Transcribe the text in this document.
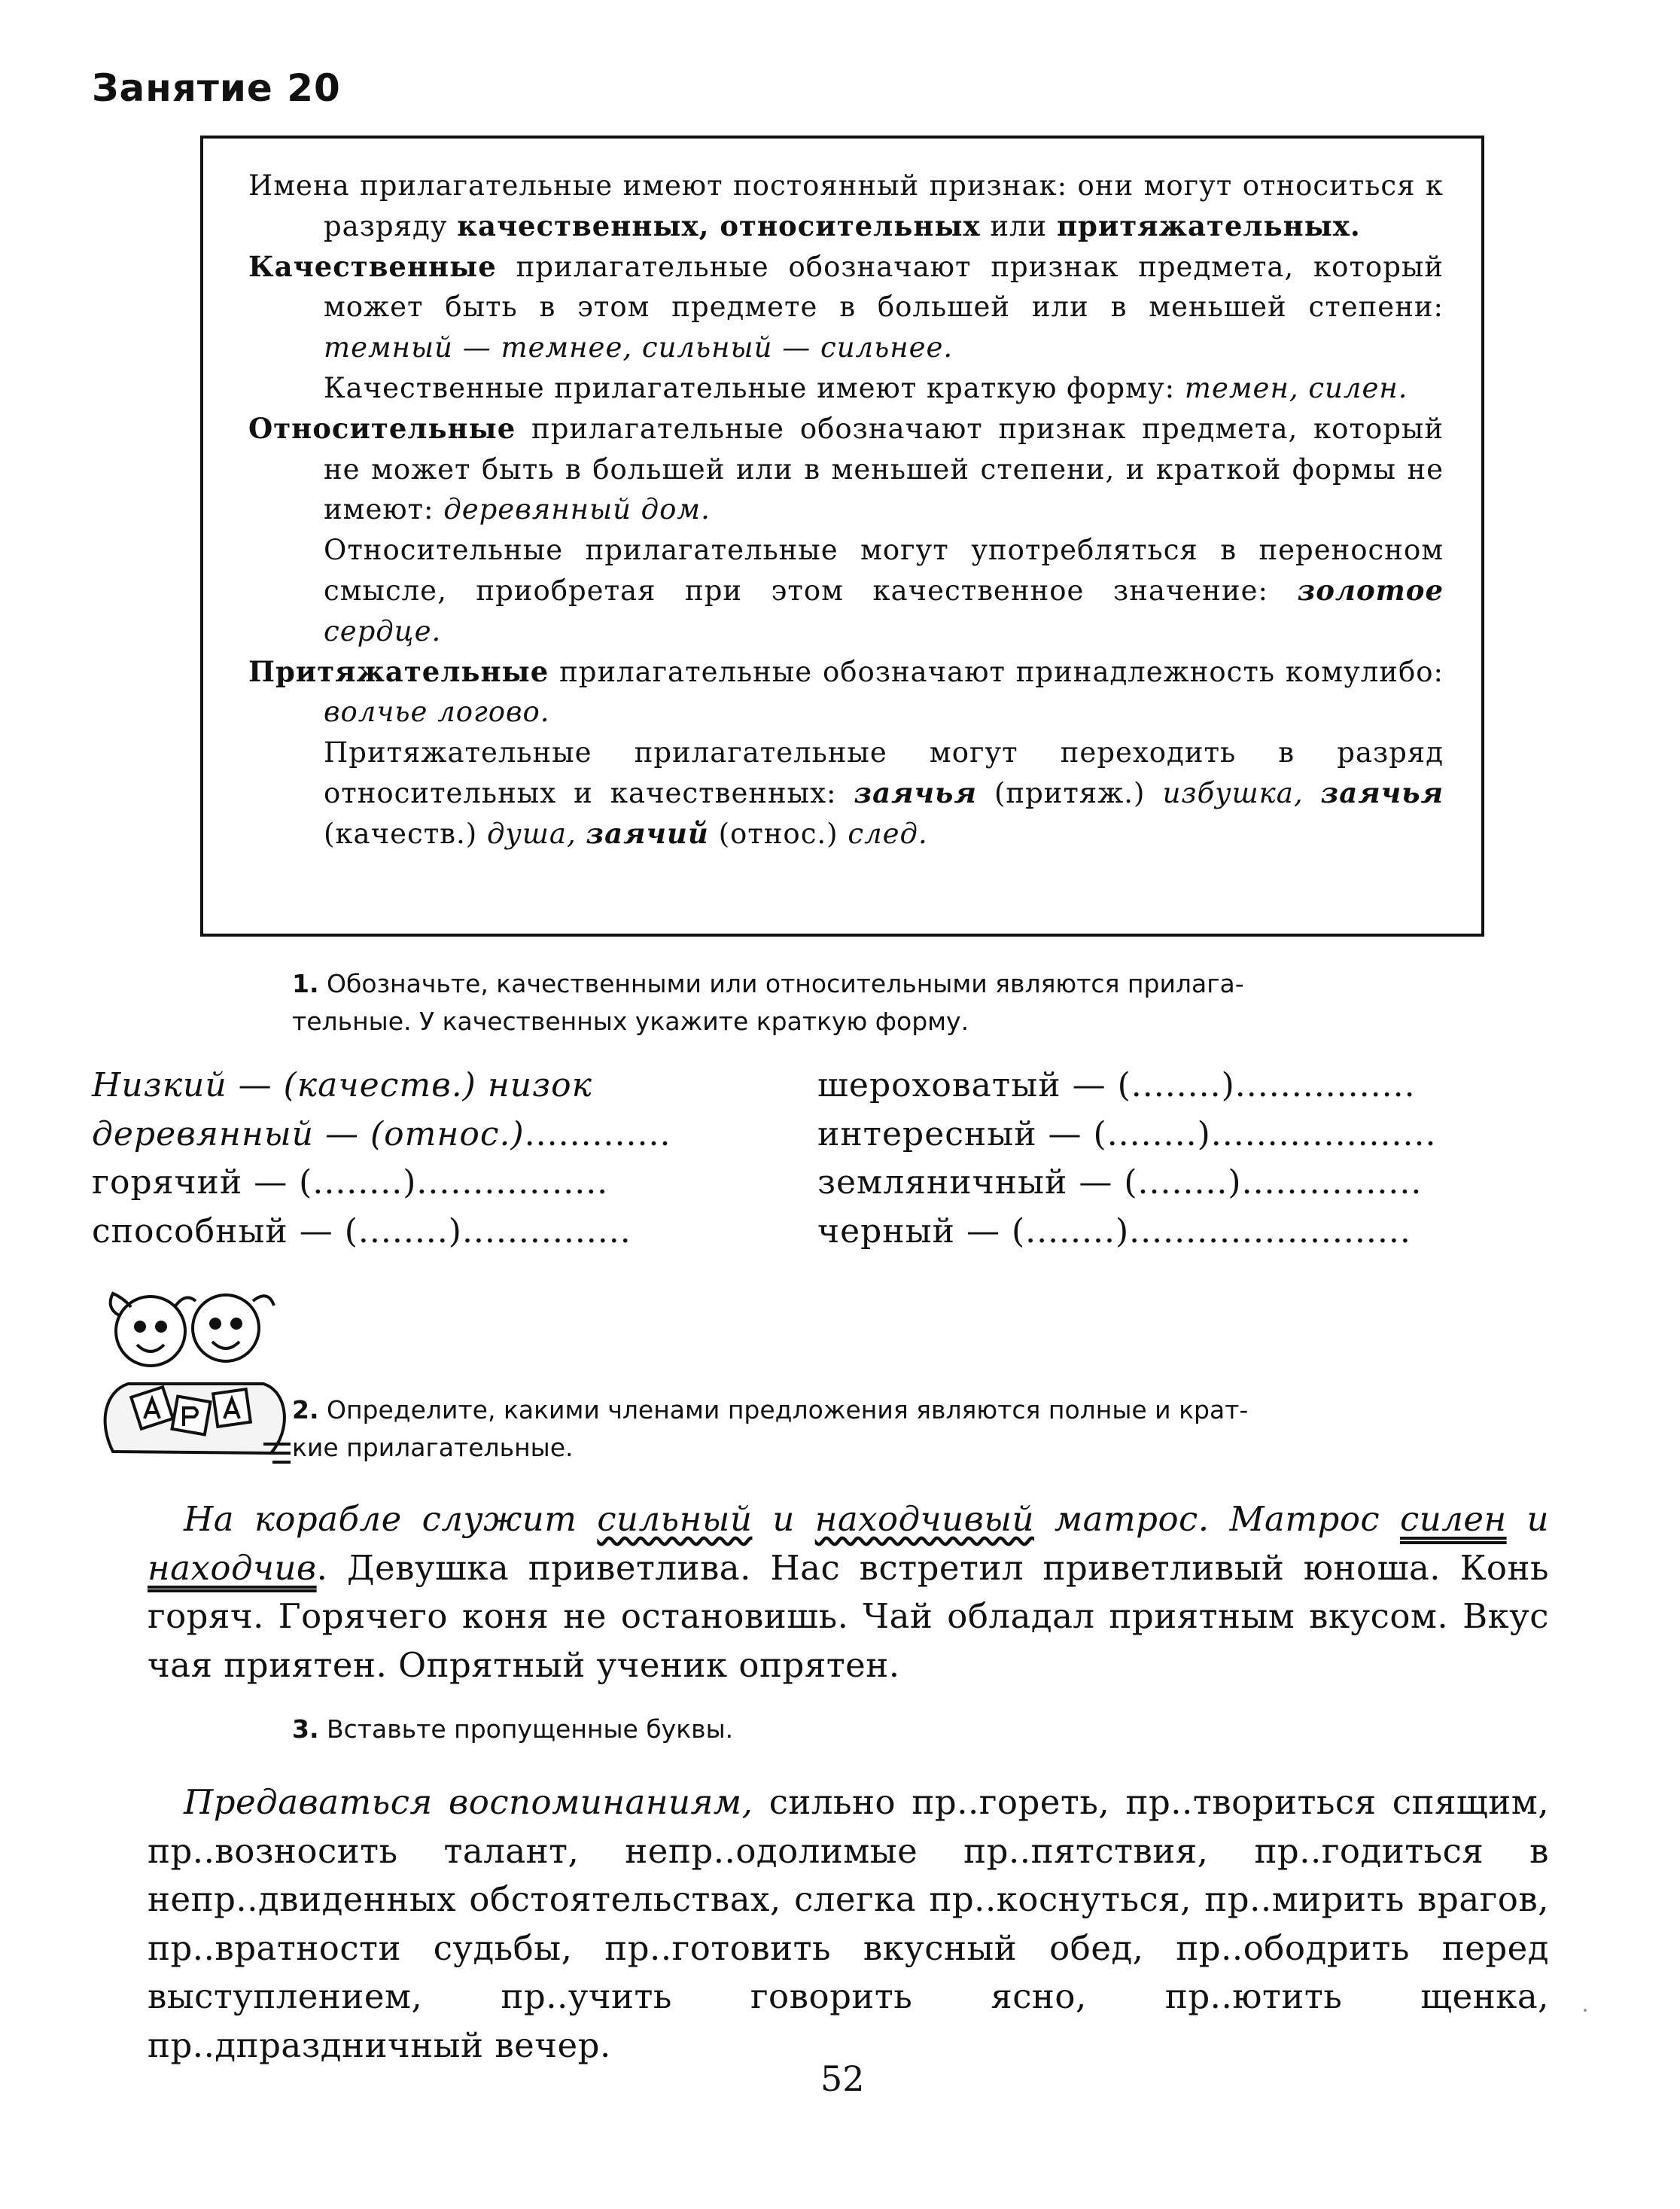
Занятие 20

Имена прилагательные имеют постоянный признак: они могут относиться к разряду качественных, относительных или притяжательных.

Качественные прилагательные обозначают признак предмета, который может быть в этом предмете в большей или в меньшей степени: темный — темнее, сильный — сильнее.

Качественные прилагательные имеют краткую форму: темен, силен.

Относительные прилагательные обозначают признак предмета, который не может быть в большей или в меньшей степени, и краткой формы не имеют: деревянный дом.

Относительные прилагательные могут употребляться в переносном смысле, приобретая при этом качественное значение: золотое сердце.

Притяжательные прилагательные обозначают принадлежность комулибо: волчье логово.

Притяжательные прилагательные могут переходить в разряд относительных и качественных: заячья (притяж.) избушка, заячья (качеств.) душа, заячий (относ.) след.

1. Обозначьте, качественными или относительными являются прилага-
тельные. У качественных укажите краткую форму.
Низкий — (качеств.) низок
деревянный — (относ.).............
горячий — (........).................
способный — (........)...............
шероховатый — (........)................
интересный — (........)....................
земляничный — (........)................
черный — (........).........................
2. Определите, какими членами предложения являются полные и крат-
кие прилагательные.
На корабле служит сильный и находчивый матрос. Матрос силен и находчив. Девушка приветлива. Нас встретил приветливый юноша. Конь горяч. Горячего коня не остановишь. Чай обладал приятным вкусом. Вкус чая приятен. Опрятный ученик опрятен.
3. Вставьте пропущенные буквы.
Предаваться воспоминаниям, сильно пр..гореть, пр..твориться спящим, пр..возносить талант, непр..одолимые пр..пятствия, пр..годиться в непр..двиденных обстоятельствах, слегка пр..коснуться, пр..мирить врагов, пр..вратности судьбы, пр..готовить вкусный обед, пр..ободрить перед выступлением, пр..учить говорить ясно, пр..ютить щенка, пр..дпраздничный вечер.
52
